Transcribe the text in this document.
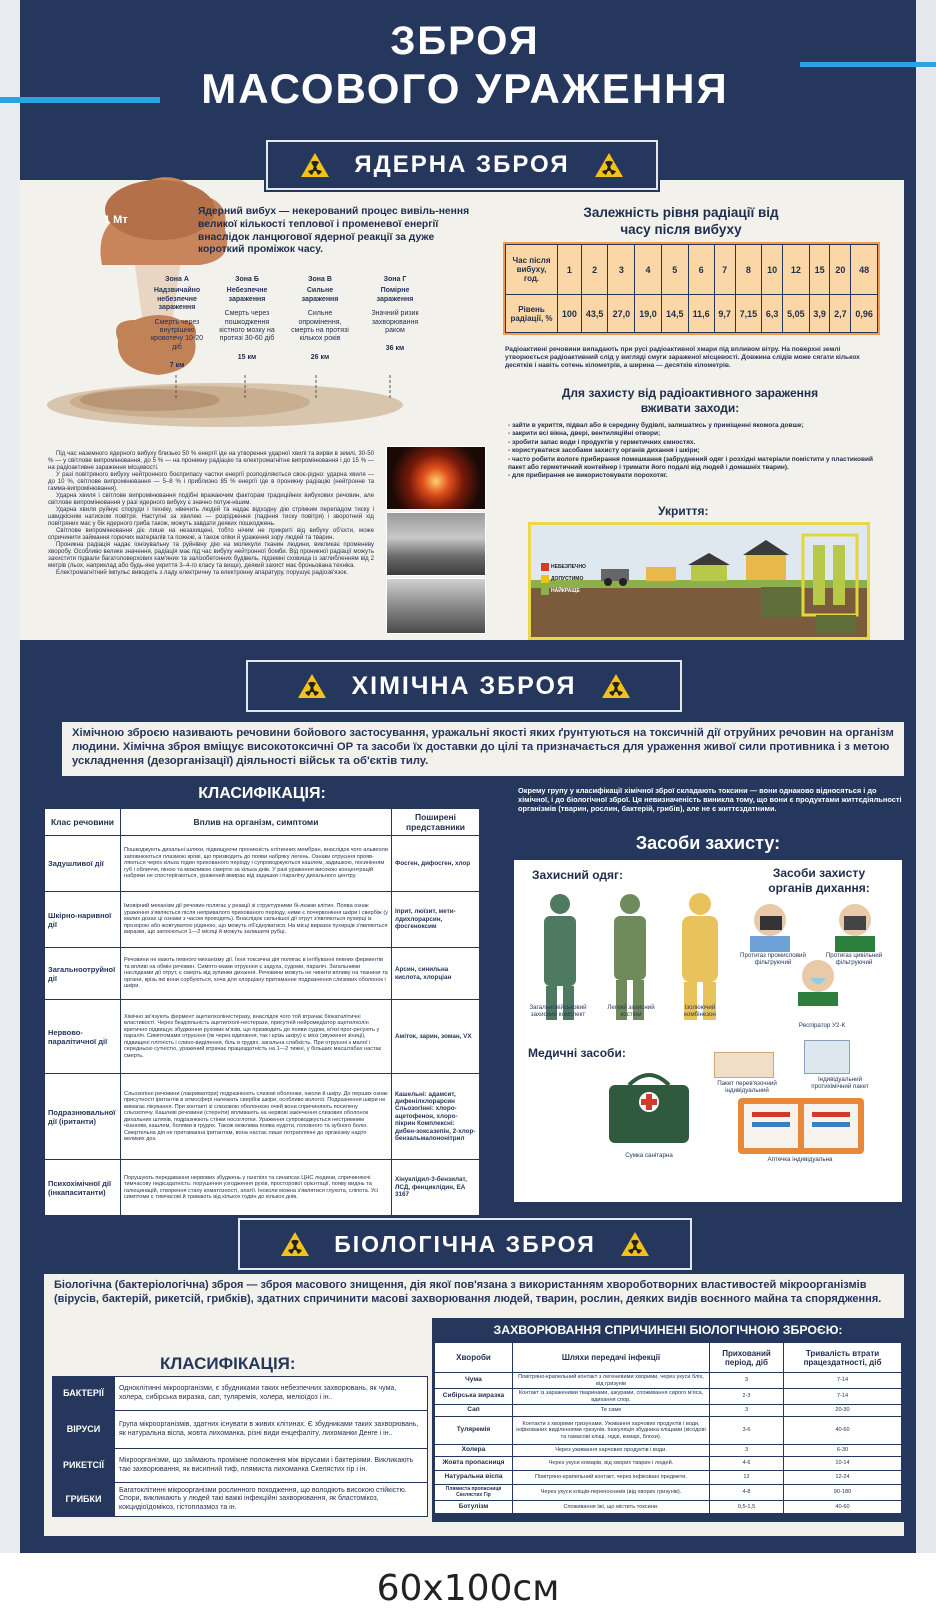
ЗБРОЯ
МАСОВОГО УРАЖЕННЯ
ЯДЕРНА ЗБРОЯ
1 Мт
Ядерний вибух — некерований процес вивіль-нення великої кількості теплової і променевої енергії внаслідок ланцюгової ядерної реакції за дуже короткий проміжок часу.
Зона А
Надзвичайно небезпечне зараження
Смерть через внутрішню кровотечу 10-20 діб
7 км
Зона Б
Небезпечне зараження
Смерть через пошкодження кістного мозку на протязі 30-60 діб
15 км
Зона В
Сильне зараження
Сильне опромінення, смерть на протязі кількох років
26 км
Зона Г
Помірне зараження
Значний ризик захворювання раком
36 км

Під час наземного ядерного вибуху близько 50 % енергії іде на утворення ударної хвилі та вирви в землі, 30-50 % — у світлове випромінювання, до 5 % — на проникну радіацію та електромагнітне випромінювання і до 15 % — на радіоактивне зараження місцевості.

У разі повітряного вибуху нейтронного боєприпасу частки енергії розподіляються своє-рідно: ударна хвиля — до 10 %, світлове випромінювання — 5–8 % і приблизно 85 % енергії іде в проникну радіацію (нейтронне та гамма-випромінювання).

Ударна хвиля і світлове випромінювання подібні вражаючим факторам традиційних вибухових речовин, але світлове випромінювання у разі ядерного вибуху є значно потуж-нішим.

Ударна хвиля руйнує споруди і техніку, нівечить людей та надає відходну дію стрімким перепадом тиску і швидкісним натиском повітря. Наступні за хвилею — розрідження (падіння тиску повітря) і зворотний хід повітряних мас у бік ядерного гриба також, можуть завдати деяких пошкоджень.

Світлове випромінювання діє лише на незахищені, тобто нічим не прикриті від вибуху об'єкти, може спричинити займання горючих матеріалів та пожежі, а також опіки й ураження зору людей та тварин.

Проникна радіація надає іонізувальну та руйнівну дію на молекули тканин людини, викликає променеву хворобу. Особливо велике значення, радіація має під час вибуху нейтронної бомби. Від проникної радіації можуть захистити підвали багатоповерхових кам'яних та залізобетонних будівель, підземні сховища із заглибленням від 2 метрів (льох, наприклад або будь-яке укриття 3–4-го класу та вище), деякий захист має броньована техніка.

Електромагнітний імпульс виводить з ладу електричну та електронну апаратуру, порушує радіозв'язок.

Залежність рівня радіації від часу після вибуху
Час після вибуху, год.	1	2	3	4	5	6	7	8	10	12	15	20	48
Рівень радіації, %	100	43,5	27,0	19,0	14,5	11,6	9,7	7,15	6,3	5,05	3,9	2,7	0,96
Радіоактивні речовини випадають при русі радіоактивної хмари під впливом вітру. На поверхні землі утворюється радіоактивний слід у вигляді смуги зараженої місцевості. Довжина слідів може сягати кількох десятків і навіть сотень кілометрів, а ширина — десятків кілометрів.
Для захисту від радіоактивного зараження вживати заходи:
- зайти в укриття, підвал або в середину будівлі, залишатись у приміщенні якомога довше;
- закрити всі вікна, двері, вентиляційні отвори;
- зробити запас води і продуктів у герметичних ємностях.
- користуватися засобами захисту органів дихання і шкіри;
- часто робити вологе прибирання помешкання (забруднений одяг і розхідні матеріали помістити у пластиковий пакет або герметичний контейнер і тримати його подалі від людей і домашніх тварин).
- для прибирання не використовувати порохотяг.
Укриття:
НЕБЕЗПЕЧНО
ДОПУСТИМО
НАЙКРАЩЕ
ХІМІЧНА ЗБРОЯ
Хімічною зброєю називають речовини бойового застосування, уражальні якості яких ґрунтуються на токсичній дії отруйних речовин на організм людини. Хімічна зброя вміщує високотоксичні ОР та засоби їх доставки до цілі та призначається для ураження живої сили противника і з метою ускладнення (дезорганізації) діяльності військ та об'єктів тилу.
КЛАСИФІКАЦІЯ:
Клас речовини	Вплив на організм, симптоми	Поширені представники
Задушливої дії	Пошкоджують дихальні шляхи, підвищуючи проникність клітинних мембран, внаслідок чого альвеоли заповнюються плазмою крові, що призводить до появи набряку легень. Ознаки отруєння прояв-ляються через кілька годин прихованого періоду і супроводжуються кашлем, задишкою, посинінням губ і обличчя, піною та можливою смертю за кілька днів. У разі ураження високою концентрацій набряки не спостерігаються, уражений вмирає від задишки і паралічу дихального центру.	Фосген, дифосген, хлор
Шкірно-наривної дії	Імовірний механізм дії речовин полягає у реакції зі структурними бі-лками клітин. Поява ознак ураження з'являється після непривалого прихованого періоду, ними є почервоніння шкіри і свербіж (у малих дозах ці ознаки з часом проходять). Внаслідок сильнішої дії отрут з'являються пухирці із прозорою або жовтуватою рідиною, що можуть об'єднуватися. На місці виразок пухирців з'являються виразки, що загоюються 1—2 місяці й можуть залишити рубці.	Іприт, люїзит, мети-лдихлорарсин, фосгеноксим
Загальноотруйної дії	Речовини не мають певного механізму дії. Їхня токсична дія полягає в інгібуванні певних ферментів та впливі на обмін речовин. Симпто-мами отруєння є задуха, судоми, параліч. Загальними наслідками дії отрут, є смерть від зупинки дихання. Речовини можуть не чинити впливу на тканини та органи, крізь які вони сорбуються, хоча для хлорціану притаманне подразнення слизових оболонок і шкіри.	Арсин, синильна кислота, хлорціан
Нервово-паралітичної дії	Хімічно зв'язують фермент ацетилхолінестеразу, внаслідок чого той втрачає біокаталітичні властивості. Через бездіяльність ацетилхолі-нестерази, присутній нейромедіатор ацетилхолін критично підвищує збудження руховик м'язів, що призводить до появи судом, м'язі прог-ресують у параліч. Симптомами отруєння (як через вдихання, так і крізь шкіру) є міоз (звуження зіниці), підвищені плітність і слино-виділення, біль в грудях, загальна слабкість. При отруєнні з малої і середньою сутністю, уражений втрачає працездатність на 1—2 тижні, у більших масштабах настає смерть.	Аміток, зарин, зоман, VX
Подразнювальної дії (іританти)	Сльозогінні речовини (лакриматори) подразнюють слизові оболонки, інколи й шкіру. До перших ознак присутності іритантів в атмосфері належать свербіж шкіри, особливо вологої. Подразнення шкіри не вимагає лікування. При контакті зі слизовою оболонкою очей вони спричиняють посилену сльозотечу. Кашлеві речовини (стерніти) впливають на нервові закінчення слизових оболонок дихальних шляхів, подразнюють стінки носоглотки. Ураження супроводжується нестримним чханням, кашлем, болями в грудях. Також можлива поява нудоти, головного та зубного болю. Смертельна дія не притаманна іритантам, вона настає лише потраплянні до організму надто великих доз.	Кашельні: адамсит, дифенілхлорарсин Сльозогінні: хлоро-ацетофенон, хлоро-пікрин Комплексні: дибен-зоксазепін, 2-хлор-бензальмалононітрил
Психохімічної дії (інкапаситанти)	Порушують передавання нервових збуджень у гангліях та синапсах ЦНС людини, спричиняючі тимчасову недієздатність: порушення узгодження рухів, просторової орієнтації, появу видінь та галюцинацій, створення стану коматозності, апатії. Іноколи можна з'являтися глухота, сліпота. Усі симптоми є тимчасові й тривають від кількох годин до кількох днів.	Хінуклідил-3-бензилат, ЛСД, фенциклідин, ЕА 3167
Окрему групу у класифікації хімічної зброї складають токсини — вони однаково відносяться і до хімічної, і до біологічної зброї. Ця невизначеність виникла тому, що вони є продуктами життєдіяльності організмів (тварин, рослин, бактерій, грибів), але не є життєздатними.
Засоби захисту:
Захисний одяг:	Засоби захисту органів дихання:
Загальновійськовий захисний комплект
Легкий захисний костюм
Ізолюючий комбінезон
Протигаз промисловий фільтруючий
Протигаз цивільний фільтруючий
Респіратор У2-К
Медичні засоби:
Сумка санітарна
Пакет перев'язочний індивідуальний
Індивідуальний протихімічний пакет
Аптечка індивідуальна
БІОЛОГІЧНА ЗБРОЯ
Біологічна (бактеріологічна) зброя — зброя масового знищення, дія якої пов'язана з використанням хвороботворних властивостей мікроорганізмів (вірусів, бактерій, рикетсій, грибків), здатних спричинити масові захворювання людей, тварин, рослин, деяких видів воєнного майна та спорядження.
КЛАСИФІКАЦІЯ:
БАКТЕРІЇ	Одноклітинні мікроорганізми, є збудниками таких небезпечних захворювань, як чума, холера, сибірська виразка, сап, туляремія, холера, меліоїдоз і ін..
ВІРУСИ	Група мікроорганізмів, здатних існувати в живих клітинах. Є збудниками таких захворювань, як натуральна віспа, жовта лихоманка, різні види енцефаліту, лихоманки Денге і ін..
РИКЕТСІЇ	Мікроорганізми, що займають проміжне положення між вірусами і бактеріями. Викликають такі захворювання, як висипний тиф, плямиста лихоманка Скелястих гір і ін.
ГРИБКИ	Багатоклітинні мікроорганізми рослинного походження, що володіють високою стійкістю. Спори, викликають у людей такі важкі інфекційні захворювання, як бластомікоз, кокцидіоїдомікоз, гістоплазмоз та ін.
ЗАХВОРЮВАННЯ СПРИЧИНЕНІ БІОЛОГІЧНОЮ ЗБРОЄЮ:
Хвороби	Шляхи передачі інфекції	Прихований період, діб	Тривалість втрати працездатності, діб
Чума	Повітряно-крапельний контакт з легеневими хворими, через укуси бліх, від гризунів	3	7-14
Сибірська виразка	Контакт із зараженими тваринами, шкурами, споживання сирого м'яса, вдихання спор.	2-3	7-14
Сап	Те саме	3	20-30
Туляремія	Контакти з хворими гризунами. Уживання харчових продуктів і води, інфікованих виділеннями гризунів. Інокуляція збудника кліщами (кісодові та гамасові кліщі, гедзі, комарі, блохи).	3-6	40-60
Холера	Через уживання харчових продуктів і води.	3	6-30
Жовта пропасниця	Через укуси комарів, від хворих тварин і людей.	4-6	10-14
Натуральна віспа	Повітряно-крапельний контакт, через інфіковані предмети.	12	12-24
Плямиста пропасниця Скелястих Гір	Через укуси кліщів-переносників (від хворих гризунів).	4-8	90-180
Ботулізм	Споживання їжі, що містить токсини.	0,5-1,5	40-60
60x100см
